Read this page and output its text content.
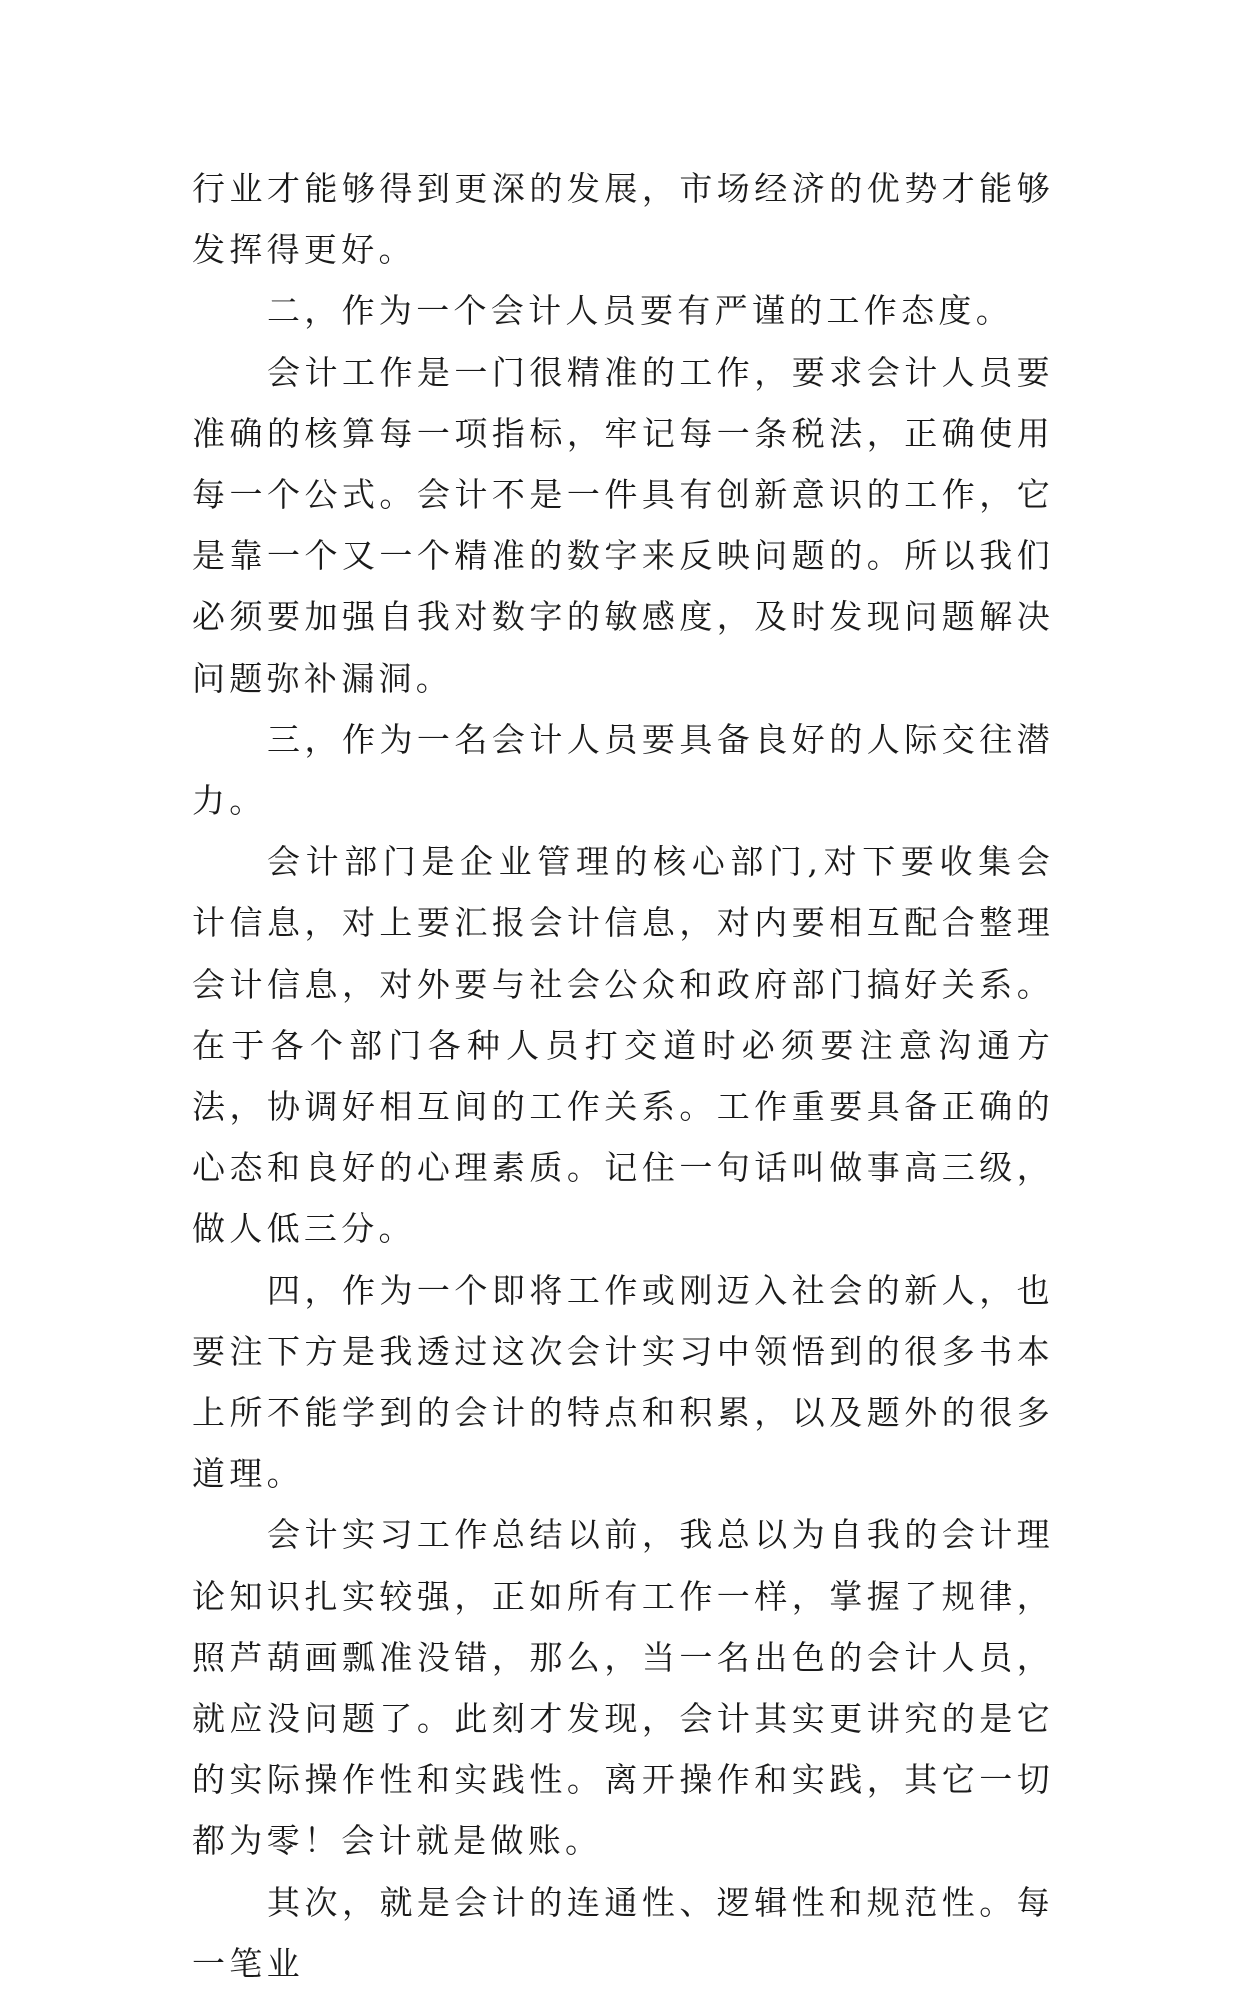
行业才能够得到更深的发展，市场经济的优势才能够发挥得更好。

二，作为一个会计人员要有严谨的工作态度。

会计工作是一门很精准的工作，要求会计人员要准确的核算每一项指标，牢记每一条税法，正确使用每一个公式。会计不是一件具有创新意识的工作，它是靠一个又一个精准的数字来反映问题的。所以我们必须要加强自我对数字的敏感度，及时发现问题解决问题弥补漏洞。

三，作为一名会计人员要具备良好的人际交往潜力。

会计部门是企业管理的核心部门,对下要收集会计信息，对上要汇报会计信息，对内要相互配合整理会计信息，对外要与社会公众和政府部门搞好关系。在于各个部门各种人员打交道时必须要注意沟通方法，协调好相互间的工作关系。工作重要具备正确的心态和良好的心理素质。记住一句话叫做事高三级，做人低三分。

四，作为一个即将工作或刚迈入社会的新人，也要注下方是我透过这次会计实习中领悟到的很多书本上所不能学到的会计的特点和积累，以及题外的很多道理。

会计实习工作总结以前，我总以为自我的会计理论知识扎实较强，正如所有工作一样，掌握了规律，照芦葫画瓢准没错，那么，当一名出色的会计人员，就应没问题了。此刻才发现，会计其实更讲究的是它的实际操作性和实践性。离开操作和实践，其它一切都为零！会计就是做账。

其次，就是会计的连通性、逻辑性和规范性。每一笔业
